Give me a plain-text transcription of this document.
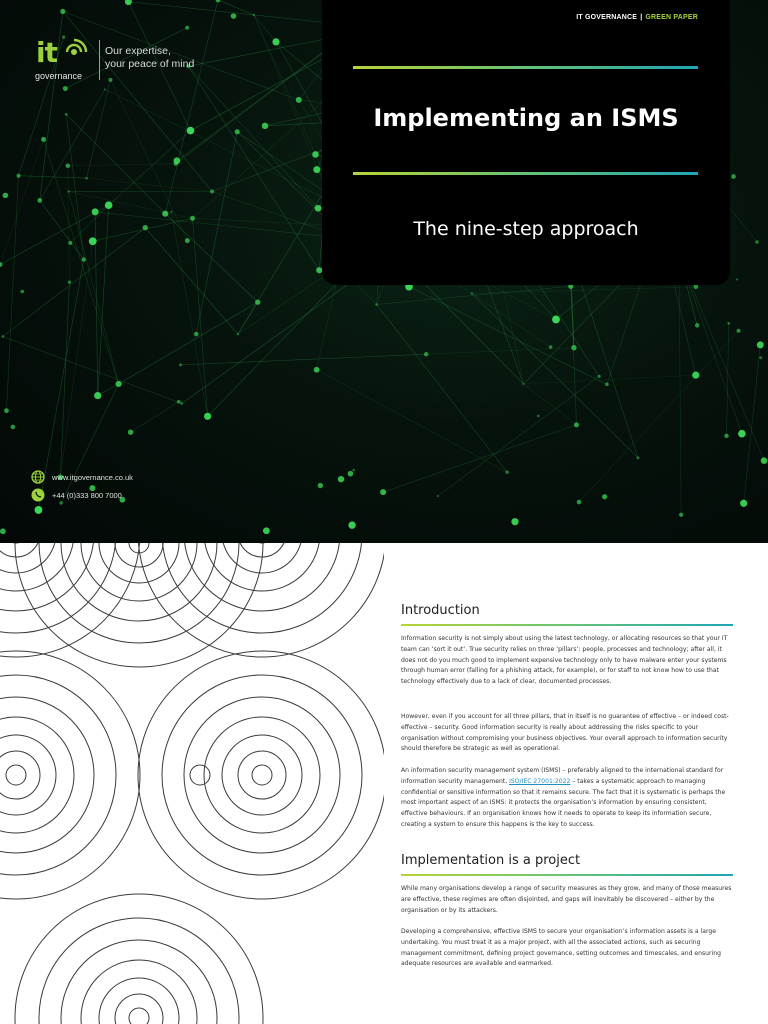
it
governance
Our expertise,
your peace of mind
IT GOVERNANCE | GREEN PAPER
Implementing an ISMS
The nine-step approach
www.itgovernance.co.uk
+44 (0)333 800 7000
Introduction

Information security is not simply about using the latest technology, or allocating resources so that your IT team can ‘sort it out’. True security relies on three ‘pillars’: people, processes and technology; after all, it does not do you much good to implement expensive technology only to have malware enter your systems through human error (falling for a phishing attack, for example), or for staff to not know how to use that technology effectively due to a lack of clear, documented processes.

However, even if you account for all three pillars, that in itself is no guarantee of effective – or indeed cost-effective – security. Good information security is really about addressing the risks specific to your organisation without compromising your business objectives. Your overall approach to information security should therefore be strategic as well as operational.

An information security management system (ISMS) – preferably aligned to the international standard for information security management, ISO/IEC 27001:2022 – takes a systematic approach to managing confidential or sensitive information so that it remains secure. The fact that it is systematic is perhaps the most important aspect of an ISMS: it protects the organisation’s information by ensuring consistent, effective behaviours. If an organisation knows how it needs to operate to keep its information secure, creating a system to ensure this happens is the key to success.

Implementation is a project

While many organisations develop a range of security measures as they grow, and many of those measures are effective, these regimes are often disjointed, and gaps will inevitably be discovered – either by the organisation or by its attackers.

Developing a comprehensive, effective ISMS to secure your organisation’s information assets is a large undertaking. You must treat it as a major project, with all the associated actions, such as securing management commitment, defining project governance, setting outcomes and timescales, and ensuring adequate resources are available and earmarked.
